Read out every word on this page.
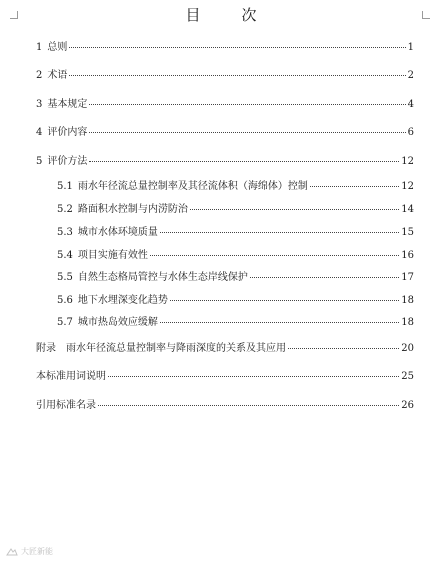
目　次
1 总则	1
2 术语	2
3 基本规定	4
4 评价内容	6
5 评价方法	12
5.1 雨水年径流总量控制率及其径流体积（海绵体）控制	12
5.2 路面积水控制与内涝防治	14
5.3 城市水体环境质量	15
5.4 项目实施有效性	16
5.5 自然生态格局管控与水体生态岸线保护	17
5.6 地下水埋深变化趋势	18
5.7 城市热岛效应缓解	18
附录　雨水年径流总量控制率与降雨深度的关系及其应用	20
本标准用词说明	25
引用标准名录	26
大匠新能
